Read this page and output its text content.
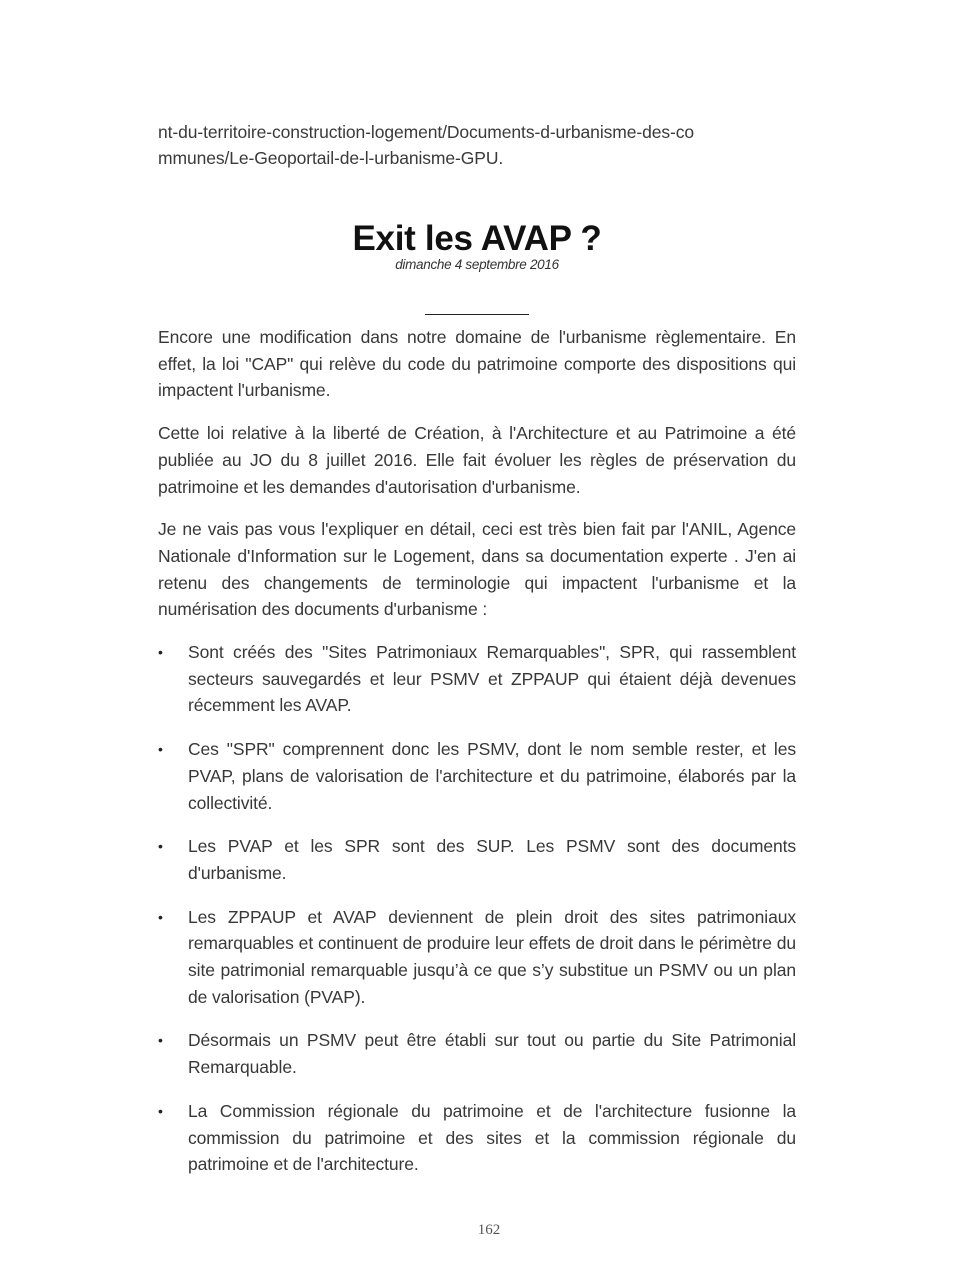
nt-du-territoire-construction-logement/Documents-d-urbanisme-des-co
mmunes/Le-Geoportail-de-l-urbanisme-GPU.
Exit les AVAP ?
dimanche 4 septembre 2016

Encore une modification dans notre domaine de l'urbanisme règlementaire. En effet, la loi "CAP" qui relève du code du patrimoine comporte des dispositions qui impactent l'urbanisme.

Cette loi relative à la liberté de Création, à l'Architecture et au Patrimoine a été publiée au JO du 8 juillet 2016. Elle fait évoluer les règles de préservation du patrimoine et les demandes d'autorisation d'urbanisme.

Je ne vais pas vous l'expliquer en détail, ceci est très bien fait par l'ANIL, Agence Nationale d'Information sur le Logement, dans sa documentation experte . J'en ai retenu des changements de terminologie qui impactent l'urbanisme et la numérisation des documents d'urbanisme :

• Sont créés des "Sites Patrimoniaux Remarquables", SPR, qui rassemblent secteurs sauvegardés et leur PSMV et ZPPAUP qui étaient déjà devenues récemment les AVAP.
• Ces "SPR" comprennent donc les PSMV, dont le nom semble rester, et les PVAP, plans de valorisation de l'architecture et du patrimoine, élaborés par la collectivité.
• Les PVAP et les SPR sont des SUP. Les PSMV sont des documents d'urbanisme.
• Les ZPPAUP et AVAP deviennent de plein droit des sites patrimoniaux remarquables et continuent de produire leur effets de droit dans le périmètre du site patrimonial remarquable jusqu’à ce que s’y substitue un PSMV ou un plan de valorisation (PVAP).
• Désormais un PSMV peut être établi sur tout ou partie du Site Patrimonial Remarquable.
• La Commission régionale du patrimoine et de l'architecture fusionne la commission du patrimoine et des sites et la commission régionale du patrimoine et de l'architecture.
162
